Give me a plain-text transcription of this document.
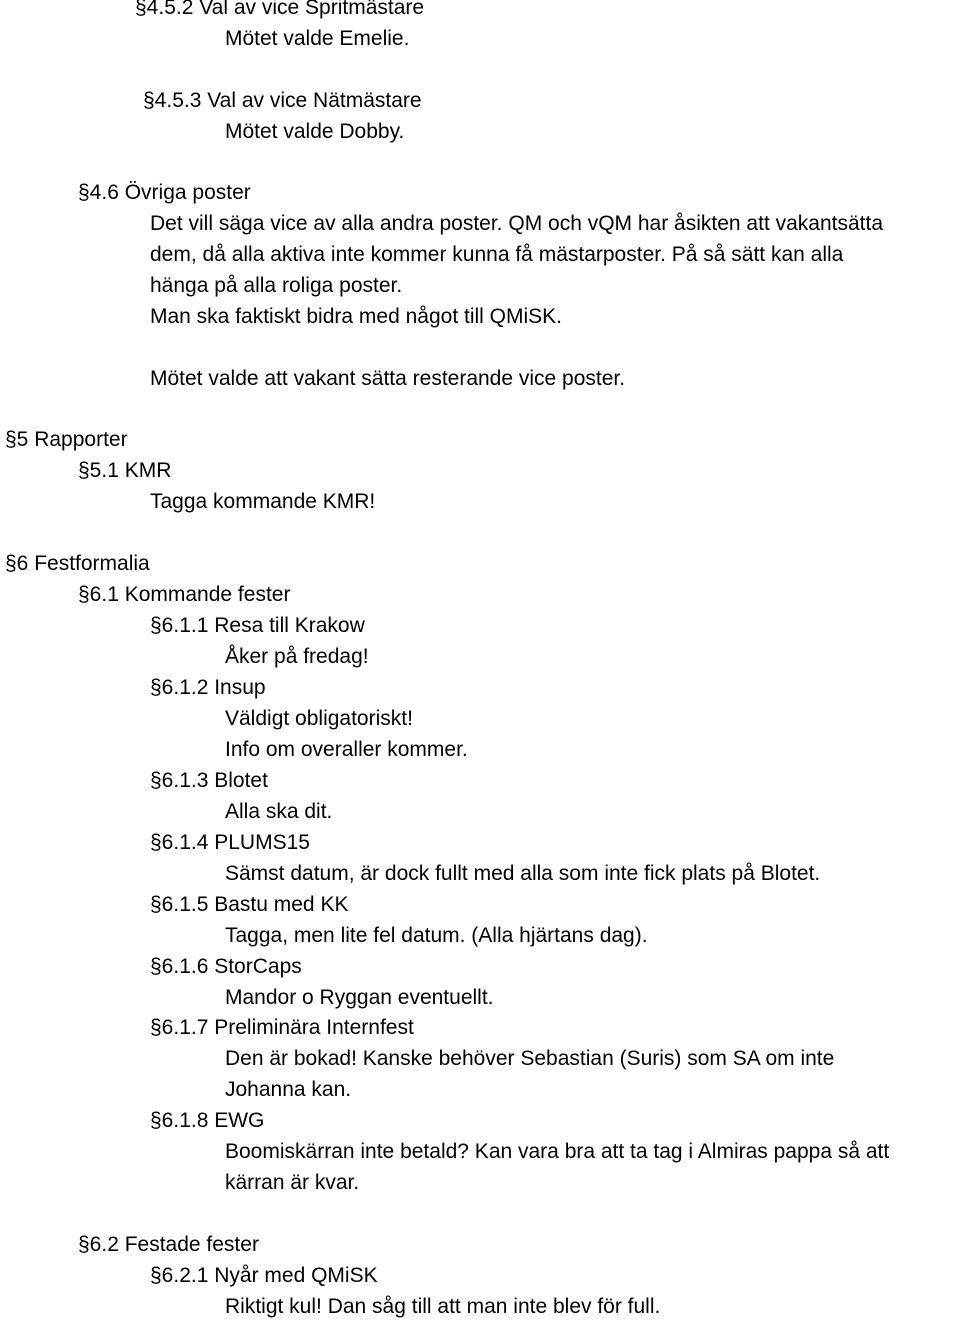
§4.5.2 Val av vice Spritmästare
Mötet valde Emelie.
§4.5.3 Val av vice Nätmästare
Mötet valde Dobby.
§4.6 Övriga poster
Det vill säga vice av alla andra poster. QM och vQM har åsikten att vakantsätta
dem, då alla aktiva inte kommer kunna få mästarposter. På så sätt kan alla
hänga på alla roliga poster.
Man ska faktiskt bidra med något till QMiSK.
Mötet valde att vakant sätta resterande vice poster.
§5 Rapporter
§5.1 KMR
Tagga kommande KMR!
§6 Festformalia
§6.1 Kommande fester
§6.1.1 Resa till Krakow
Åker på fredag!
§6.1.2 Insup
Väldigt obligatoriskt!
Info om overaller kommer.
§6.1.3 Blotet
Alla ska dit.
§6.1.4 PLUMS15
Sämst datum, är dock fullt med alla som inte fick plats på Blotet.
§6.1.5 Bastu med KK
Tagga, men lite fel datum. (Alla hjärtans dag).
§6.1.6 StorCaps
Mandor o Ryggan eventuellt.
§6.1.7 Preliminära Internfest
Den är bokad! Kanske behöver Sebastian (Suris) som SA om inte
Johanna kan.
§6.1.8 EWG
Boomiskärran inte betald? Kan vara bra att ta tag i Almiras pappa så att
kärran är kvar.
§6.2 Festade fester
§6.2.1 Nyår med QMiSK
Riktigt kul! Dan såg till att man inte blev för full.
